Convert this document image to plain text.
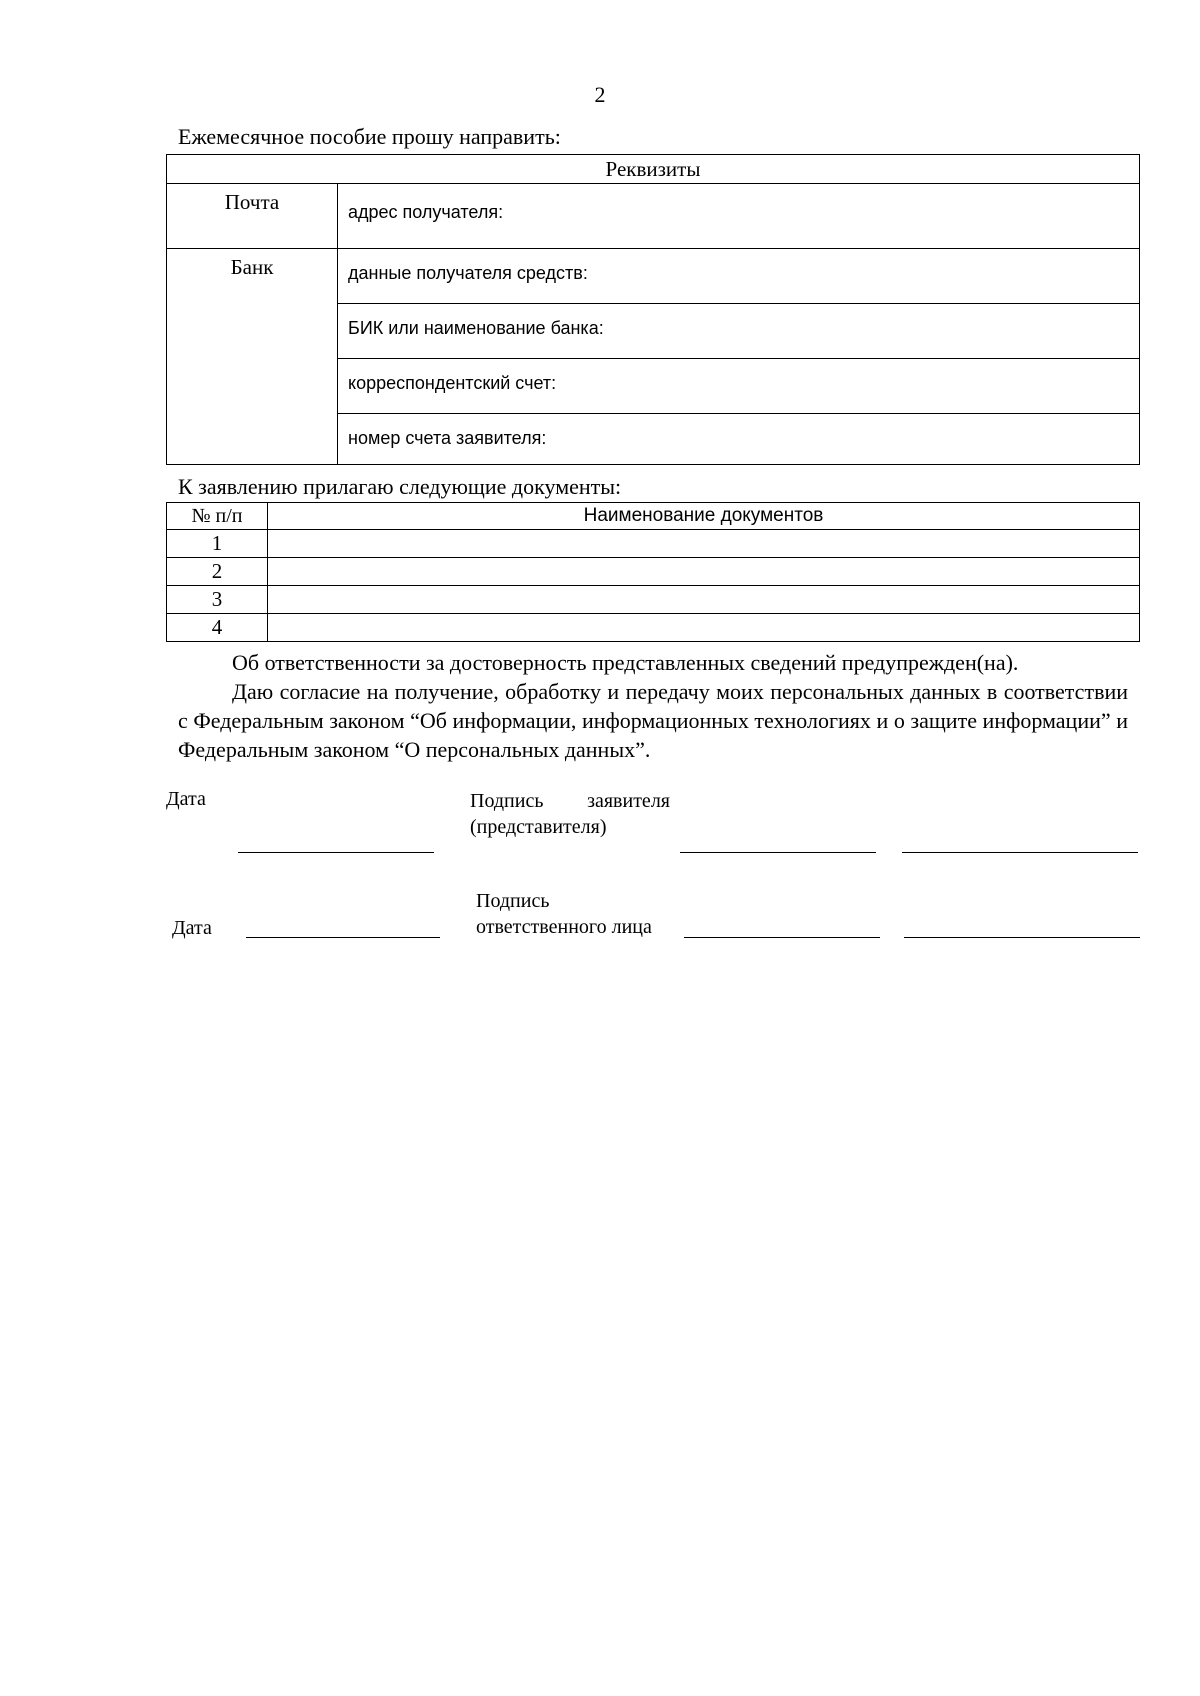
2
Ежемесячное пособие прошу направить:
Реквизиты	
Почта	адрес получателя:
Банк	данные получателя средств:
	БИК или наименование банка:
	корреспондентский счет:
	номер счета заявителя:
К заявлению прилагаю следующие документы:
№ п/п	Наименование документов
1	
2	
3	
4	
Об ответственности за достоверность представленных сведений предупрежден(на).
Даю согласие на получение, обработку и передачу моих персональных данных в соответствии с Федеральным законом “Об информации, информационных технологиях и о защите информации” и Федеральным законом “О персональных данных”.
Дата	Подпись заявителя
(представителя)
Подпись
ответственного лица
Дата
